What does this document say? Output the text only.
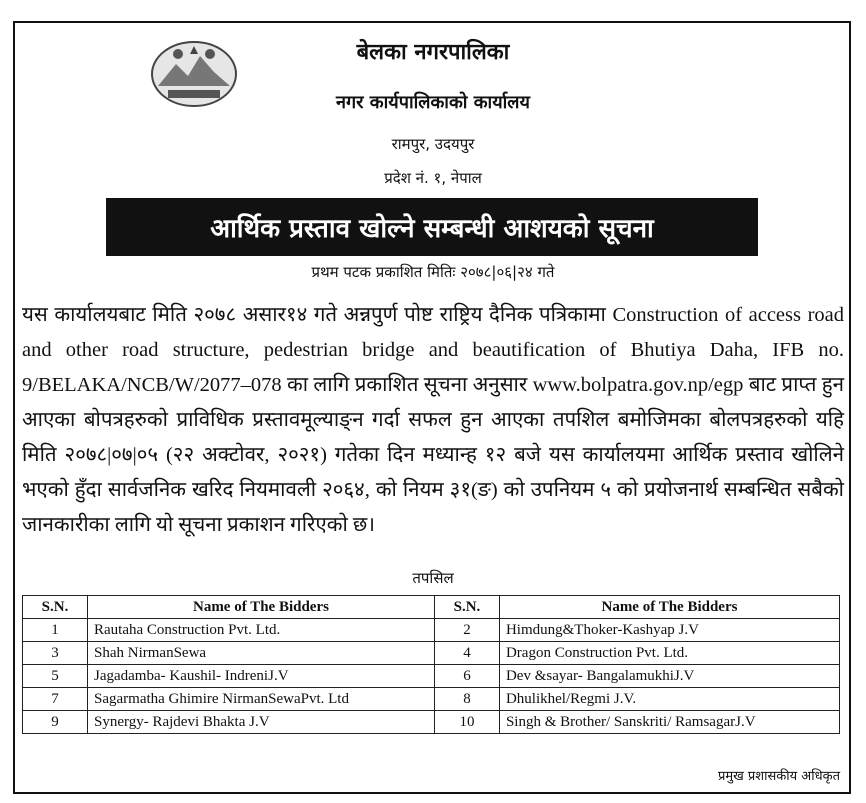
बेलका नगरपालिका
नगर कार्यपालिकाको कार्यालय
रामपुर, उदयपुर
प्रदेश नं. १, नेपाल
आर्थिक प्रस्ताव खोल्ने सम्बन्धी आशयको सूचना
प्रथम पटक प्रकाशित मितिः २०७८|०६|२४ गते
यस कार्यालयबाट मिति २०७८ असार१४ गते अन्नपुर्ण पोष्ट राष्ट्रिय दैनिक पत्रिकामा Construction of access road and other road structure, pedestrian bridge and beautification of Bhutiya Daha, IFB no. 9/BELAKA/NCB/W/2077–078 का लागि प्रकाशित सूचना अनुसार www.bolpatra.gov.np/egp बाट प्राप्त हुन आएका बोपत्रहरुको प्राविधिक प्रस्तावमूल्याङ्न गर्दा सफल हुन आएका तपशिल बमोजिमका बोलपत्रहरुको यहि मिति २०७८|०७|०५ (२२ अक्टोवर, २०२१) गतेका दिन मध्यान्ह १२ बजे यस कार्यालयमा आर्थिक प्रस्ताव खोलिने भएको हुँदा सार्वजनिक खरिद नियमावली २०६४, को नियम ३१(ङ) को उपनियम ५ को प्रयोजनार्थ सम्बन्धित सबैको जानकारीका लागि यो सूचना प्रकाशन गरिएको छ।
तपसिल
S.N.	Name of The Bidders	S.N.	Name of The Bidders
1	Rautaha Construction Pvt. Ltd.	2	Himdung&Thoker-Kashyap J.V
3	Shah NirmanSewa	4	Dragon Construction Pvt. Ltd.
5	Jagadamba- Kaushil- IndreniJ.V	6	Dev &sayar- BangalamukhiJ.V
7	Sagarmatha Ghimire NirmanSewaPvt. Ltd	8	Dhulikhel/Regmi J.V.
9	Synergy- Rajdevi Bhakta J.V	10	Singh & Brother/ Sanskriti/ RamsagarJ.V
प्रमुख प्रशासकीय अधिकृत
